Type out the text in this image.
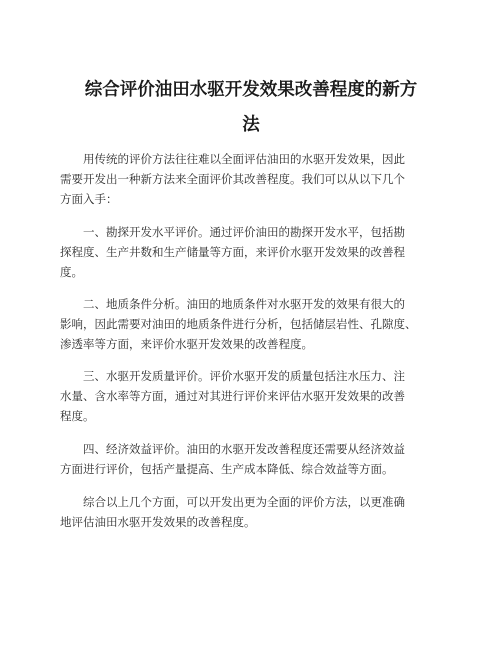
综合评价油田水驱开发效果改善程度的新方
法

用传统的评价方法往往难以全面评估油田的水驱开发效果，因此

需要开发出一种新方法来全面评价其改善程度。我们可以从以下几个

方面入手：

一、勘探开发水平评价。通过评价油田的勘探开发水平，包括勘

探程度、生产井数和生产储量等方面，来评价水驱开发效果的改善程

度。

二、地质条件分析。油田的地质条件对水驱开发的效果有很大的

影响，因此需要对油田的地质条件进行分析，包括储层岩性、孔隙度、

渗透率等方面，来评价水驱开发效果的改善程度。

三、水驱开发质量评价。评价水驱开发的质量包括注水压力、注

水量、含水率等方面，通过对其进行评价来评估水驱开发效果的改善

程度。

四、经济效益评价。油田的水驱开发改善程度还需要从经济效益

方面进行评价，包括产量提高、生产成本降低、综合效益等方面。

综合以上几个方面，可以开发出更为全面的评价方法，以更准确

地评估油田水驱开发效果的改善程度。
